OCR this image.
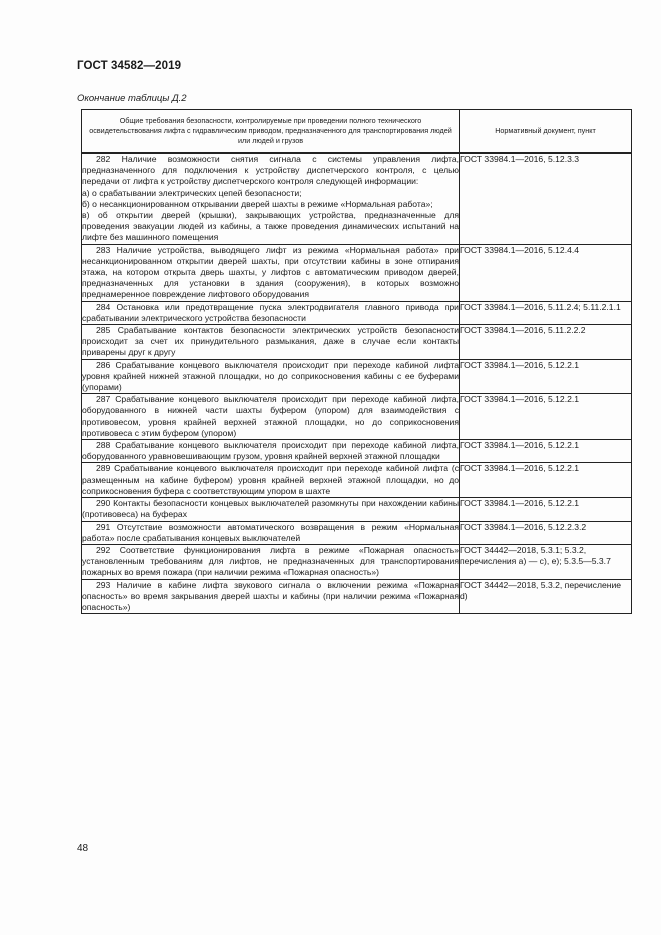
ГОСТ 34582—2019
Окончание таблицы Д.2
Общие требования безопасности, контролируемые при проведении полного технического освидетельствования лифта с гидравлическим приводом, предназначенного для транспортирования людей или людей и грузов	Нормативный документ, пункт

282 Наличие возможности снятия сигнала с системы управления лифта, предназначенного для подключения к устройству диспетчерского контроля, с целью передачи от лифта к устройству диспетчерского контроля следующей информации:

а) о срабатывании электрических цепей безопасности;

б) о несанкционированном открывании дверей шахты в режиме «Нормальная работа»;

в) об открытии дверей (крышки), закрывающих устройства, предназначенные для проведения эвакуации людей из кабины, а также проведения динамических испытаний на лифте без машинного помещения	ГОСТ 33984.1—2016, 5.12.3.3

283 Наличие устройства, выводящего лифт из режима «Нормальная работа» при несанкционированном открытии дверей шахты, при отсутствии кабины в зоне отпирания этажа, на котором открыта дверь шахты, у лифтов с автоматическим приводом дверей, предназначенных для установки в здания (сооружения), в которых возможно преднамеренное повреждение лифтового оборудования	ГОСТ 33984.1—2016, 5.12.4.4

284 Остановка или предотвращение пуска электродвигателя главного привода при срабатывании электрического устройства безопасности	ГОСТ 33984.1—2016, 5.11.2.4; 5.11.2.1.1

285 Срабатывание контактов безопасности электрических устройств безопасности происходит за счет их принудительного размыкания, даже в случае если контакты приварены друг к другу	ГОСТ 33984.1—2016, 5.11.2.2.2

286 Срабатывание концевого выключателя происходит при переходе кабиной лифта уровня крайней нижней этажной площадки, но до соприкосновения кабины с ее буферами (упорами)	ГОСТ 33984.1—2016, 5.12.2.1

287 Срабатывание концевого выключателя происходит при переходе кабиной лифта, оборудованного в нижней части шахты буфером (упором) для взаимодействия с противовесом, уровня крайней верхней этажной площадки, но до соприкосновения противовеса с этим буфером (упором)	ГОСТ 33984.1—2016, 5.12.2.1

288 Срабатывание концевого выключателя происходит при переходе кабиной лифта, оборудованного уравновешивающим грузом, уровня крайней верхней этажной площадки	ГОСТ 33984.1—2016, 5.12.2.1

289 Срабатывание концевого выключателя происходит при переходе кабиной лифта (с размещенным на кабине буфером) уровня крайней верхней этажной площадки, но до соприкосновения буфера с соответствующим упором в шахте	ГОСТ 33984.1—2016, 5.12.2.1

290 Контакты безопасности концевых выключателей разомкнуты при нахождении кабины (противовеса) на буферах	ГОСТ 33984.1—2016, 5.12.2.1

291 Отсутствие возможности автоматического возвращения в режим «Нормальная работа» после срабатывания концевых выключателей	ГОСТ 33984.1—2016, 5.12.2.3.2

292 Соответствие функционирования лифта в режиме «Пожарная опасность» установленным требованиям для лифтов, не предназначенных для транспортирования пожарных во время пожара (при наличии режима «Пожарная опасность»)	ГОСТ 34442—2018, 5.3.1; 5.3.2, перечисления a) — c), e); 5.3.5—5.3.7

293 Наличие в кабине лифта звукового сигнала о включении режима «Пожарная опасность» во время закрывания дверей шахты и кабины (при наличии режима «Пожарная опасность»)	ГОСТ 34442—2018, 5.3.2, перечисление d)
48
